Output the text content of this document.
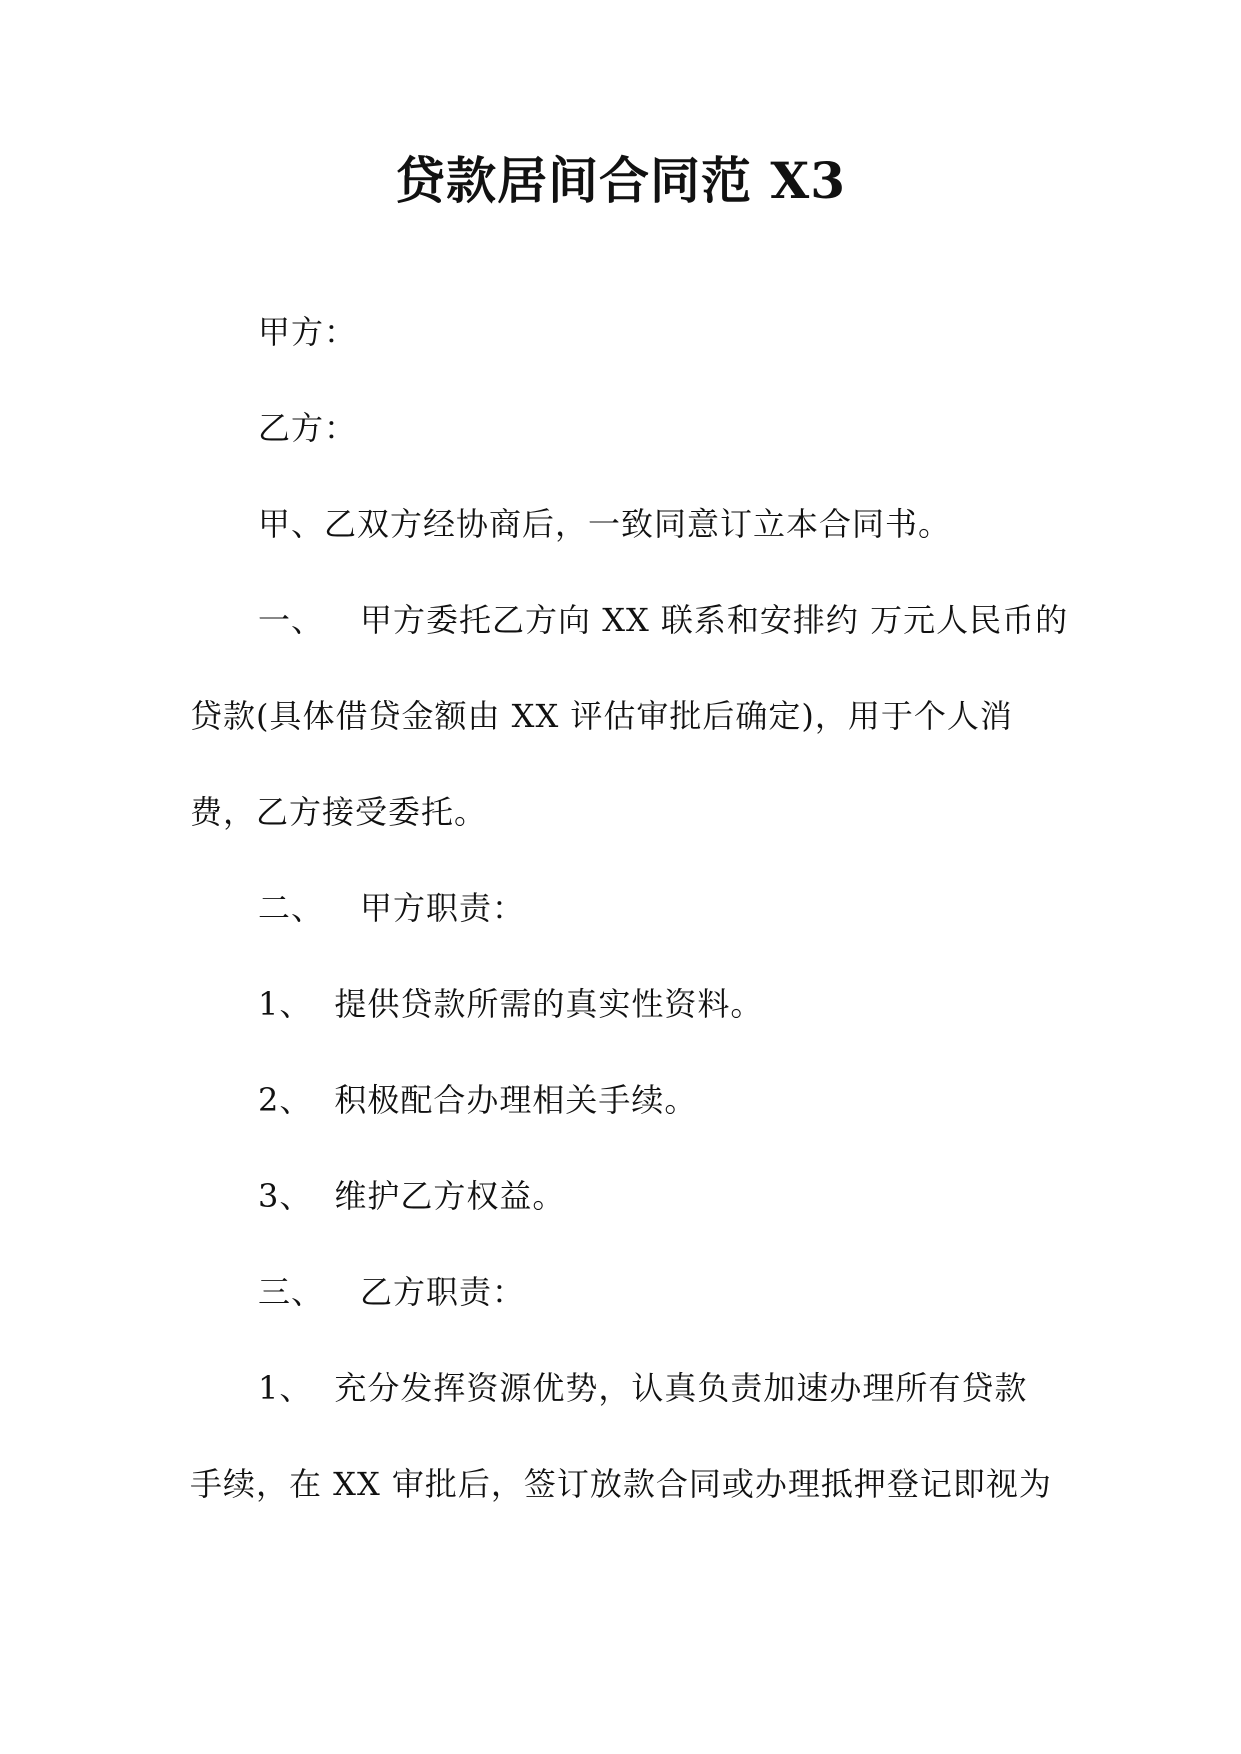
贷款居间合同范 X3
甲方：
乙方：
甲、乙双方经协商后，一致同意订立本合同书。
一、 甲方委托乙方向 XX 联系和安排约 万元人民币的
贷款(具体借贷金额由 XX 评估审批后确定)，用于个人消
费，乙方接受委托。
二、 甲方职责：
1、 提供贷款所需的真实性资料。
2、 积极配合办理相关手续。
3、 维护乙方权益。
三、 乙方职责：
1、 充分发挥资源优势，认真负责加速办理所有贷款
手续，在 XX 审批后，签订放款合同或办理抵押登记即视为
